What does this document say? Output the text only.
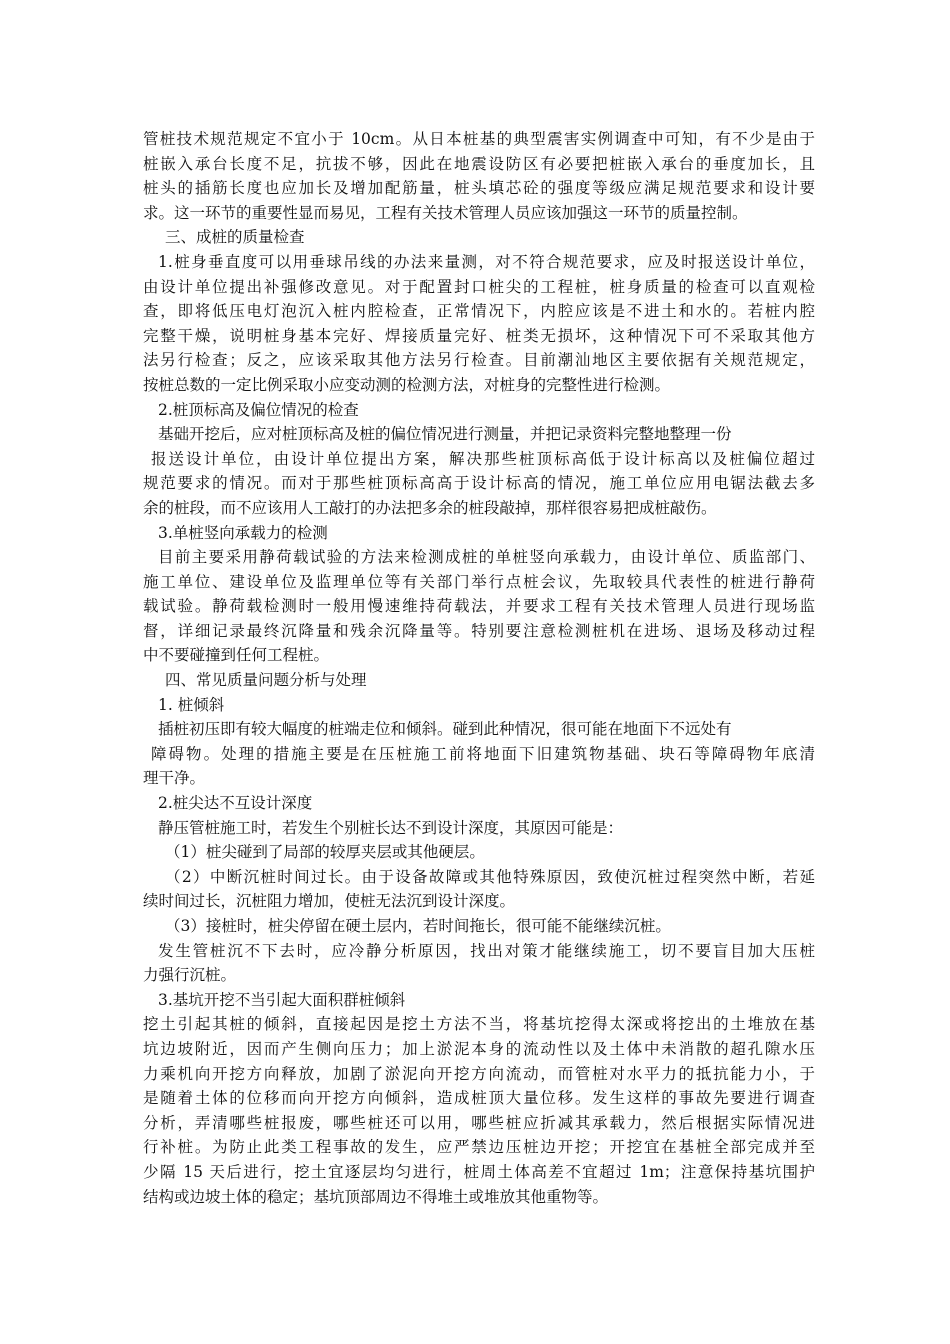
管桩技术规范规定不宜小于 10cm。从日本桩基的典型震害实例调查中可知，有不少是由于
桩嵌入承台长度不足，抗拔不够，因此在地震设防区有必要把桩嵌入承台的垂度加长，且
桩头的插筋长度也应加长及增加配筋量，桩头填芯砼的强度等级应满足规范要求和设计要
求。这一环节的重要性显而易见，工程有关技术管理人员应该加强这一环节的质量控制。
三、成桩的质量检查
1.桩身垂直度可以用垂球吊线的办法来量测，对不符合规范要求，应及时报送设计单位，
由设计单位提出补强修改意见。对于配置封口桩尖的工程桩，桩身质量的检查可以直观检
查，即将低压电灯泡沉入桩内腔检查，正常情况下，内腔应该是不进土和水的。若桩内腔
完整干燥，说明桩身基本完好、焊接质量完好、桩类无损坏，这种情况下可不采取其他方
法另行检查；反之，应该采取其他方法另行检查。目前潮汕地区主要依据有关规范规定，
按桩总数的一定比例采取小应变动测的检测方法，对桩身的完整性进行检测。
2.桩顶标高及偏位情况的检查
基础开挖后，应对桩顶标高及桩的偏位情况进行测量，并把记录资料完整地整理一份
报送设计单位，由设计单位提出方案，解决那些桩顶标高低于设计标高以及桩偏位超过
规范要求的情况。而对于那些桩顶标高高于设计标高的情况，施工单位应用电锯法截去多
余的桩段，而不应该用人工敲打的办法把多余的桩段敲掉，那样很容易把成桩敲伤。
3.单桩竖向承载力的检测
目前主要采用静荷载试验的方法来检测成桩的单桩竖向承载力，由设计单位、质监部门、
施工单位、建设单位及监理单位等有关部门举行点桩会议，先取较具代表性的桩进行静荷
载试验。静荷载检测时一般用慢速维持荷载法，并要求工程有关技术管理人员进行现场监
督，详细记录最终沉降量和残余沉降量等。特别要注意检测桩机在进场、退场及移动过程
中不要碰撞到任何工程桩。
四、常见质量问题分析与处理
1. 桩倾斜
插桩初压即有较大幅度的桩端走位和倾斜。碰到此种情况，很可能在地面下不远处有
障碍物。处理的措施主要是在压桩施工前将地面下旧建筑物基础、块石等障碍物年底清
理干净。
2.桩尖达不互设计深度
静压管桩施工时，若发生个别桩长达不到设计深度，其原因可能是：
（1）桩尖碰到了局部的较厚夹层或其他硬层。
（2）中断沉桩时间过长。由于设备故障或其他特殊原因，致使沉桩过程突然中断，若延
续时间过长，沉桩阻力增加，使桩无法沉到设计深度。
（3）接桩时，桩尖停留在硬土层内，若时间拖长，很可能不能继续沉桩。
发生管桩沉不下去时，应冷静分析原因，找出对策才能继续施工，切不要盲目加大压桩
力强行沉桩。
3.基坑开挖不当引起大面积群桩倾斜
挖土引起其桩的倾斜，直接起因是挖土方法不当，将基坑挖得太深或将挖出的土堆放在基
坑边坡附近，因而产生侧向压力；加上淤泥本身的流动性以及土体中未消散的超孔隙水压
力乘机向开挖方向释放，加剧了淤泥向开挖方向流动，而管桩对水平力的抵抗能力小，于
是随着土体的位移而向开挖方向倾斜，造成桩顶大量位移。发生这样的事故先要进行调查
分析，弄清哪些桩报废，哪些桩还可以用，哪些桩应折减其承载力，然后根据实际情况进
行补桩。为防止此类工程事故的发生，应严禁边压桩边开挖；开挖宜在基桩全部完成并至
少隔 15 天后进行，挖土宜逐层均匀进行，桩周土体高差不宜超过 1m；注意保持基坑围护
结构或边坡土体的稳定；基坑顶部周边不得堆土或堆放其他重物等。
